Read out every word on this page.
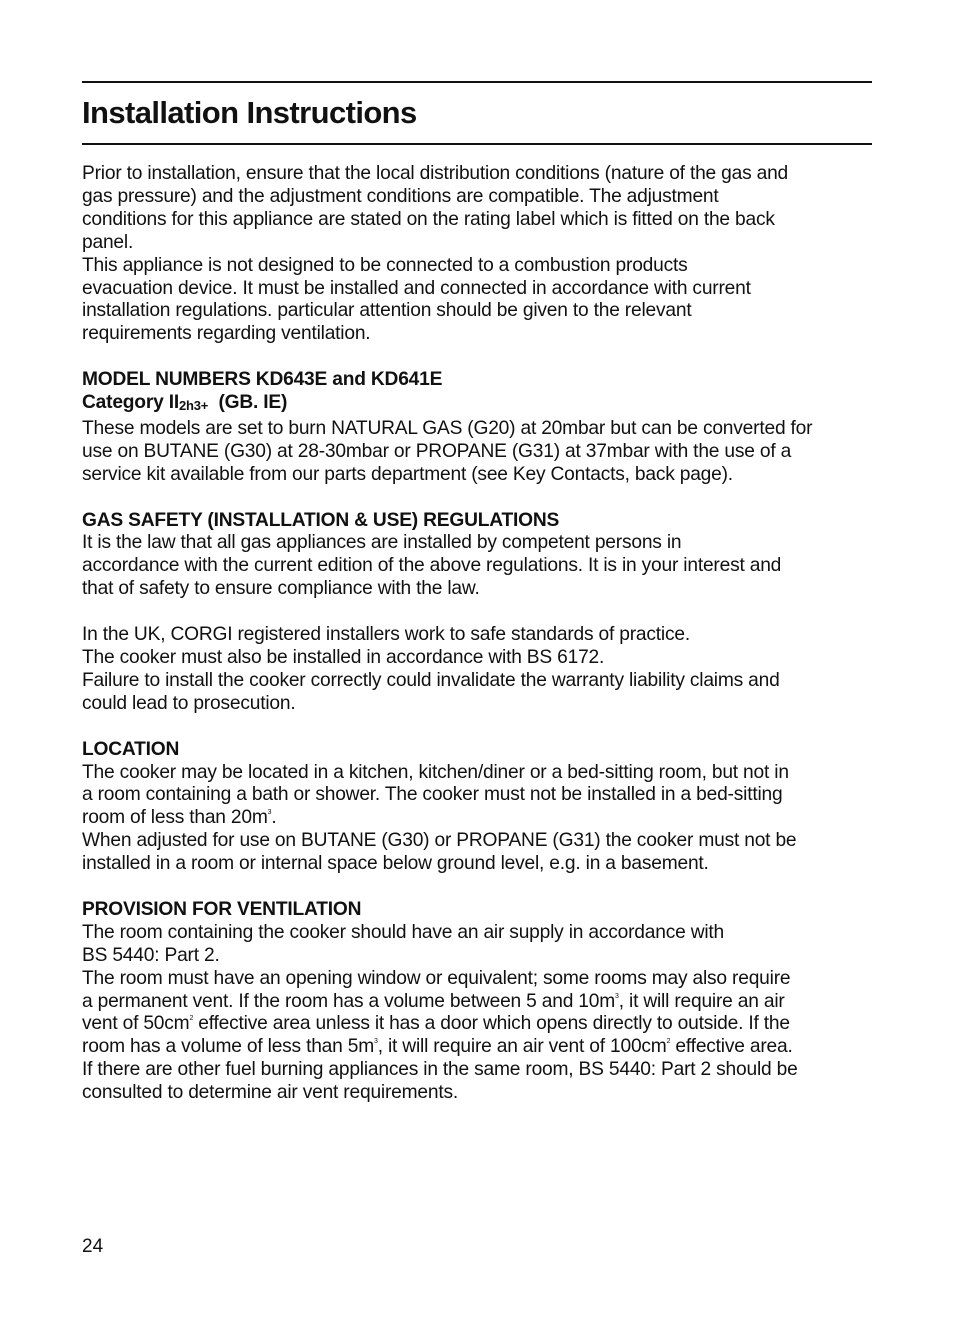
Installation Instructions
Prior to installation, ensure that the local distribution conditions (nature of the gas and
gas pressure) and the adjustment conditions are compatible. The adjustment
conditions for this appliance are stated on the rating label which is fitted on the back
panel.
This appliance is not designed to be connected to a combustion products
evacuation device. It must be installed and connected in accordance with current
installation regulations. particular attention should be given to the relevant
requirements regarding ventilation.
MODEL NUMBERS KD643E and KD641E
Category II2h3+ (GB. IE)
These models are set to burn NATURAL GAS (G20) at 20mbar but can be converted for
use on BUTANE (G30) at 28-30mbar or PROPANE (G31) at 37mbar with the use of a
service kit available from our parts department (see Key Contacts, back page).
GAS SAFETY (INSTALLATION & USE) REGULATIONS
It is the law that all gas appliances are installed by competent persons in
accordance with the current edition of the above regulations. It is in your interest and
that of safety to ensure compliance with the law.
In the UK, CORGI registered installers work to safe standards of practice.
The cooker must also be installed in accordance with BS 6172.
Failure to install the cooker correctly could invalidate the warranty liability claims and
could lead to prosecution.
LOCATION
The cooker may be located in a kitchen, kitchen/diner or a bed-sitting room, but not in
a room containing a bath or shower. The cooker must not be installed in a bed-sitting
room of less than $20m^3$.
When adjusted for use on BUTANE (G30) or PROPANE (G31) the cooker must not be
installed in a room or internal space below ground level, e.g. in a basement.
PROVISION FOR VENTILATION
The room containing the cooker should have an air supply in accordance with
BS 5440: Part 2.
The room must have an opening window or equivalent; some rooms may also require
a permanent vent. If the room has a volume between 5 and $10m^3$, it will require an air
vent of $50cm^2$ effective area unless it has a door which opens directly to outside. If the
room has a volume of less than $5m^3$, it will require an air vent of $100cm^2$ effective area.
If there are other fuel burning appliances in the same room, BS 5440: Part 2 should be
consulted to determine air vent requirements.
24
